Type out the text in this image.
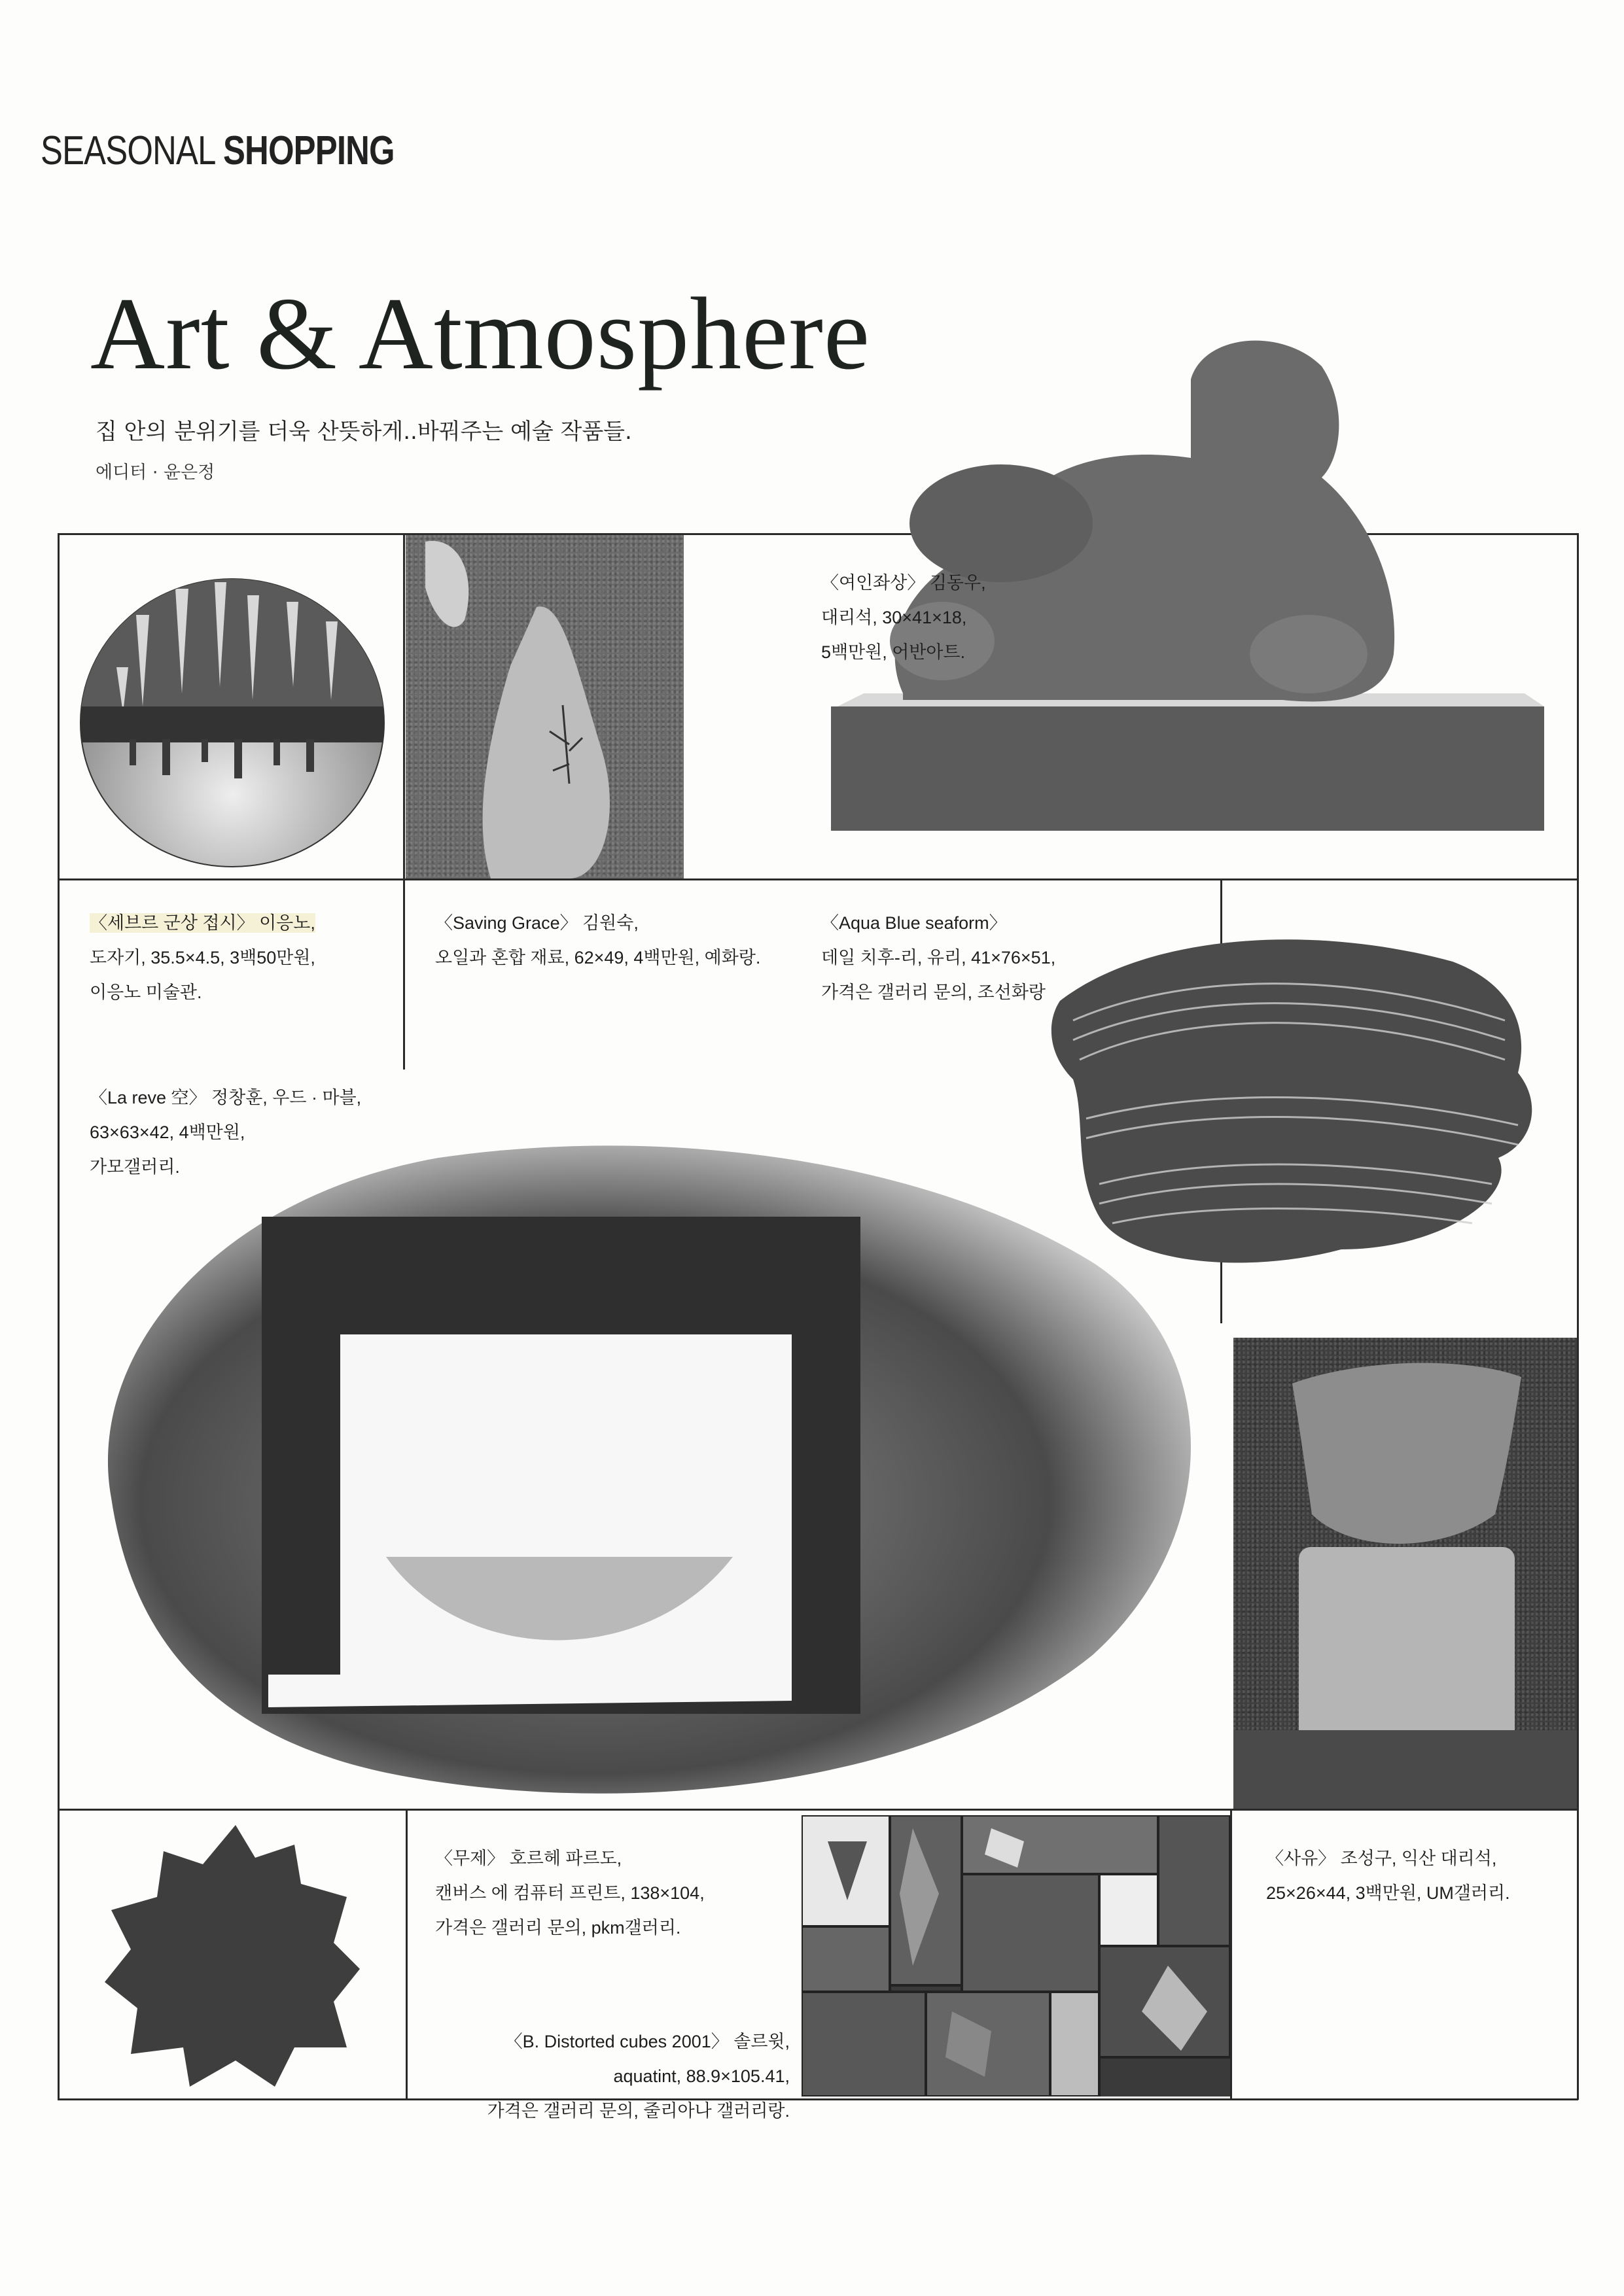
SEASONAL SHOPPING
Art & Atmosphere
집 안의 분위기를 더욱 산뜻하게..바꿔주는 예술 작품들.
에디터 · 윤은정
〈여인좌상〉 김동우,
대리석, 30×41×18,
5백만원, 어반아트.
〈세브르 군상 접시〉 이응노,
도자기, 35.5×4.5, 3백50만원,
이응노 미술관.
〈Saving Grace〉 김원숙,
오일과 혼합 재료, 62×49, 4백만원, 예화랑.
〈Aqua Blue seaform〉
데일 치후-리, 유리, 41×76×51,
가격은 갤러리 문의, 조선화랑
〈La reve 空〉 정창훈, 우드 · 마블,
63×63×42, 4백만원,
가모갤러리.
〈무제〉 호르헤 파르도,
캔버스 에 컴퓨터 프린트, 138×104,
가격은 갤러리 문의, pkm갤러리.
〈B. Distorted cubes 2001〉 솔르윗,
aquatint, 88.9×105.41,
가격은 갤러리 문의, 줄리아나 갤러리랑.
〈사유〉 조성구, 익산 대리석,
25×26×44, 3백만원, UM갤러리.
